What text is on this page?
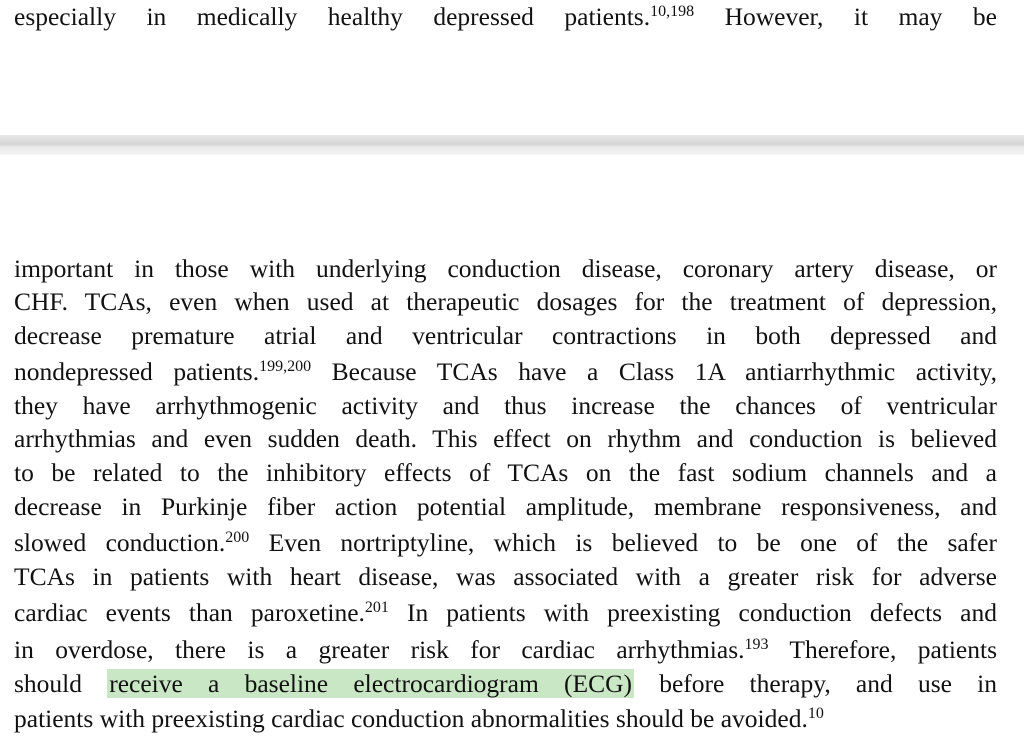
especially in medically healthy depressed patients.$^{10,198}$ However, it may be
important in those with underlying conduction disease, coronary artery disease, or
CHF. TCAs, even when used at therapeutic dosages for the treatment of depression,
decrease premature atrial and ventricular contractions in both depressed and
nondepressed patients.$^{199,200}$ Because TCAs have a Class 1A antiarrhythmic activity,
they have arrhythmogenic activity and thus increase the chances of ventricular
arrhythmias and even sudden death. This effect on rhythm and conduction is believed
to be related to the inhibitory effects of TCAs on the fast sodium channels and a
decrease in Purkinje fiber action potential amplitude, membrane responsiveness, and
slowed conduction.$^{200}$ Even nortriptyline, which is believed to be one of the safer
TCAs in patients with heart disease, was associated with a greater risk for adverse
cardiac events than paroxetine.$^{201}$ In patients with preexisting conduction defects and
in overdose, there is a greater risk for cardiac arrhythmias.$^{193}$ Therefore, patients
should receive a baseline electrocardiogram (ECG) before therapy, and use in
patients with preexisting cardiac conduction abnormalities should be avoided.$^{10}$
